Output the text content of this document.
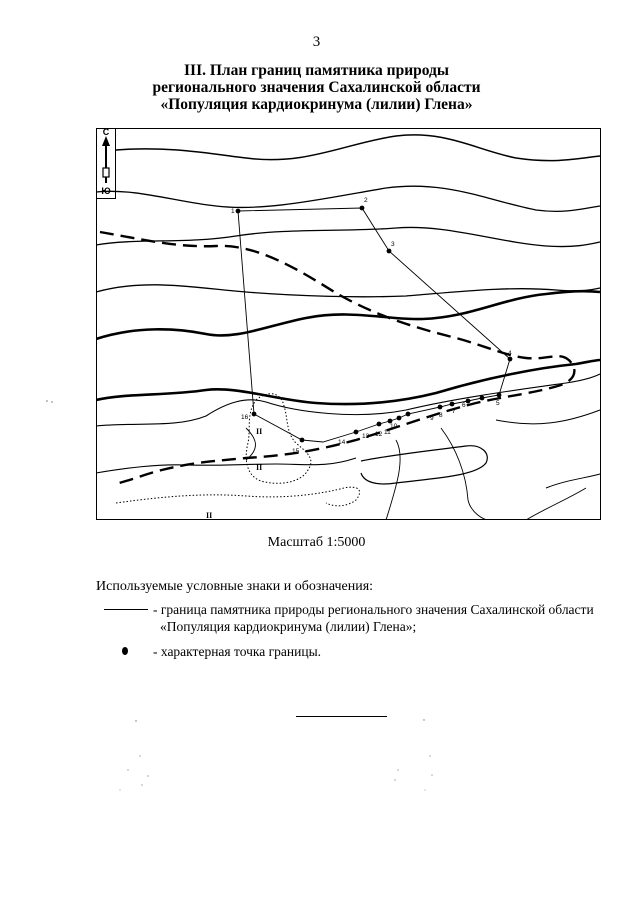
3
III. План границ памятника природы
регионального значения Сахалинской области
«Популяция кардиокринума (лилии) Глена»
С
Ю
II
II
II
1
2
3
4
5
6
7
8
9
10
11
12
13
14
15
16
Масштаб 1:5000
Используемые условные знаки и обозначения:
- граница памятника природы регионального значения Сахалинской области
«Популяция кардиокринума (лилии) Глена»;
- характерная точка границы.
